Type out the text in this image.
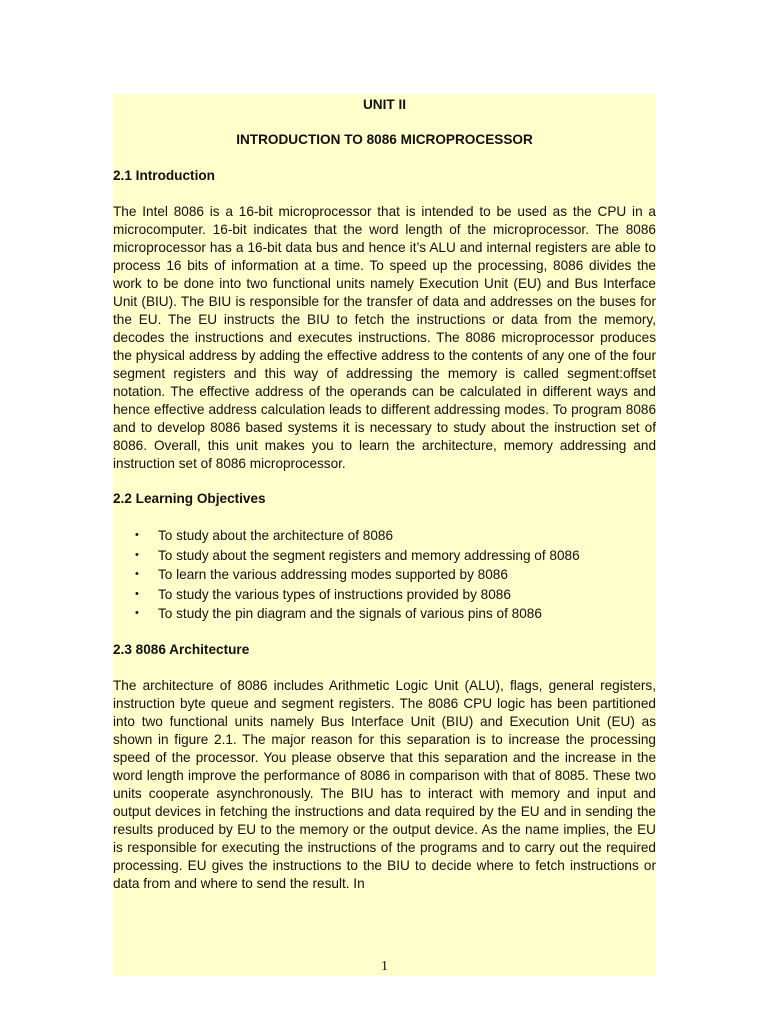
UNIT II
INTRODUCTION TO 8086 MICROPROCESSOR
2.1 Introduction

The Intel 8086 is a 16-bit microprocessor that is intended to be used as the CPU in a microcomputer. 16-bit indicates that the word length of the microprocessor. The 8086 microprocessor has a 16-bit data bus and hence it’s ALU and internal registers are able to process 16 bits of information at a time. To speed up the processing, 8086 divides the work to be done into two functional units namely Execution Unit (EU) and Bus Interface Unit (BIU). The BIU is responsible for the transfer of data and addresses on the buses for the EU. The EU instructs the BIU to fetch the instructions or data from the memory, decodes the instructions and executes instructions. The 8086 microprocessor produces the physical address by adding the effective address to the contents of any one of the four segment registers and this way of addressing the memory is called segment:offset notation. The effective address of the operands can be calculated in different ways and hence effective address calculation leads to different addressing modes. To program 8086 and to develop 8086 based systems it is necessary to study about the instruction set of 8086. Overall, this unit makes you to learn the architecture, memory addressing and instruction set of 8086 microprocessor.

2.2 Learning Objectives
• To study about the architecture of 8086
• To study about the segment registers and memory addressing of 8086
• To learn the various addressing modes supported by 8086
• To study the various types of instructions provided by 8086
• To study the pin diagram and the signals of various pins of 8086
2.3 8086 Architecture

The architecture of 8086 includes Arithmetic Logic Unit (ALU), flags, general registers, instruction byte queue and segment registers. The 8086 CPU logic has been partitioned into two functional units namely Bus Interface Unit (BIU) and Execution Unit (EU) as shown in figure 2.1. The major reason for this separation is to increase the processing speed of the processor. You please observe that this separation and the increase in the word length improve the performance of 8086 in comparison with that of 8085. These two units cooperate asynchronously. The BIU has to interact with memory and input and output devices in fetching the instructions and data required by the EU and in sending the results produced by EU to the memory or the output device. As the name implies, the EU is responsible for executing the instructions of the programs and to carry out the required processing. EU gives the instructions to the BIU to decide where to fetch instructions or data from and where to send the result. In

1
